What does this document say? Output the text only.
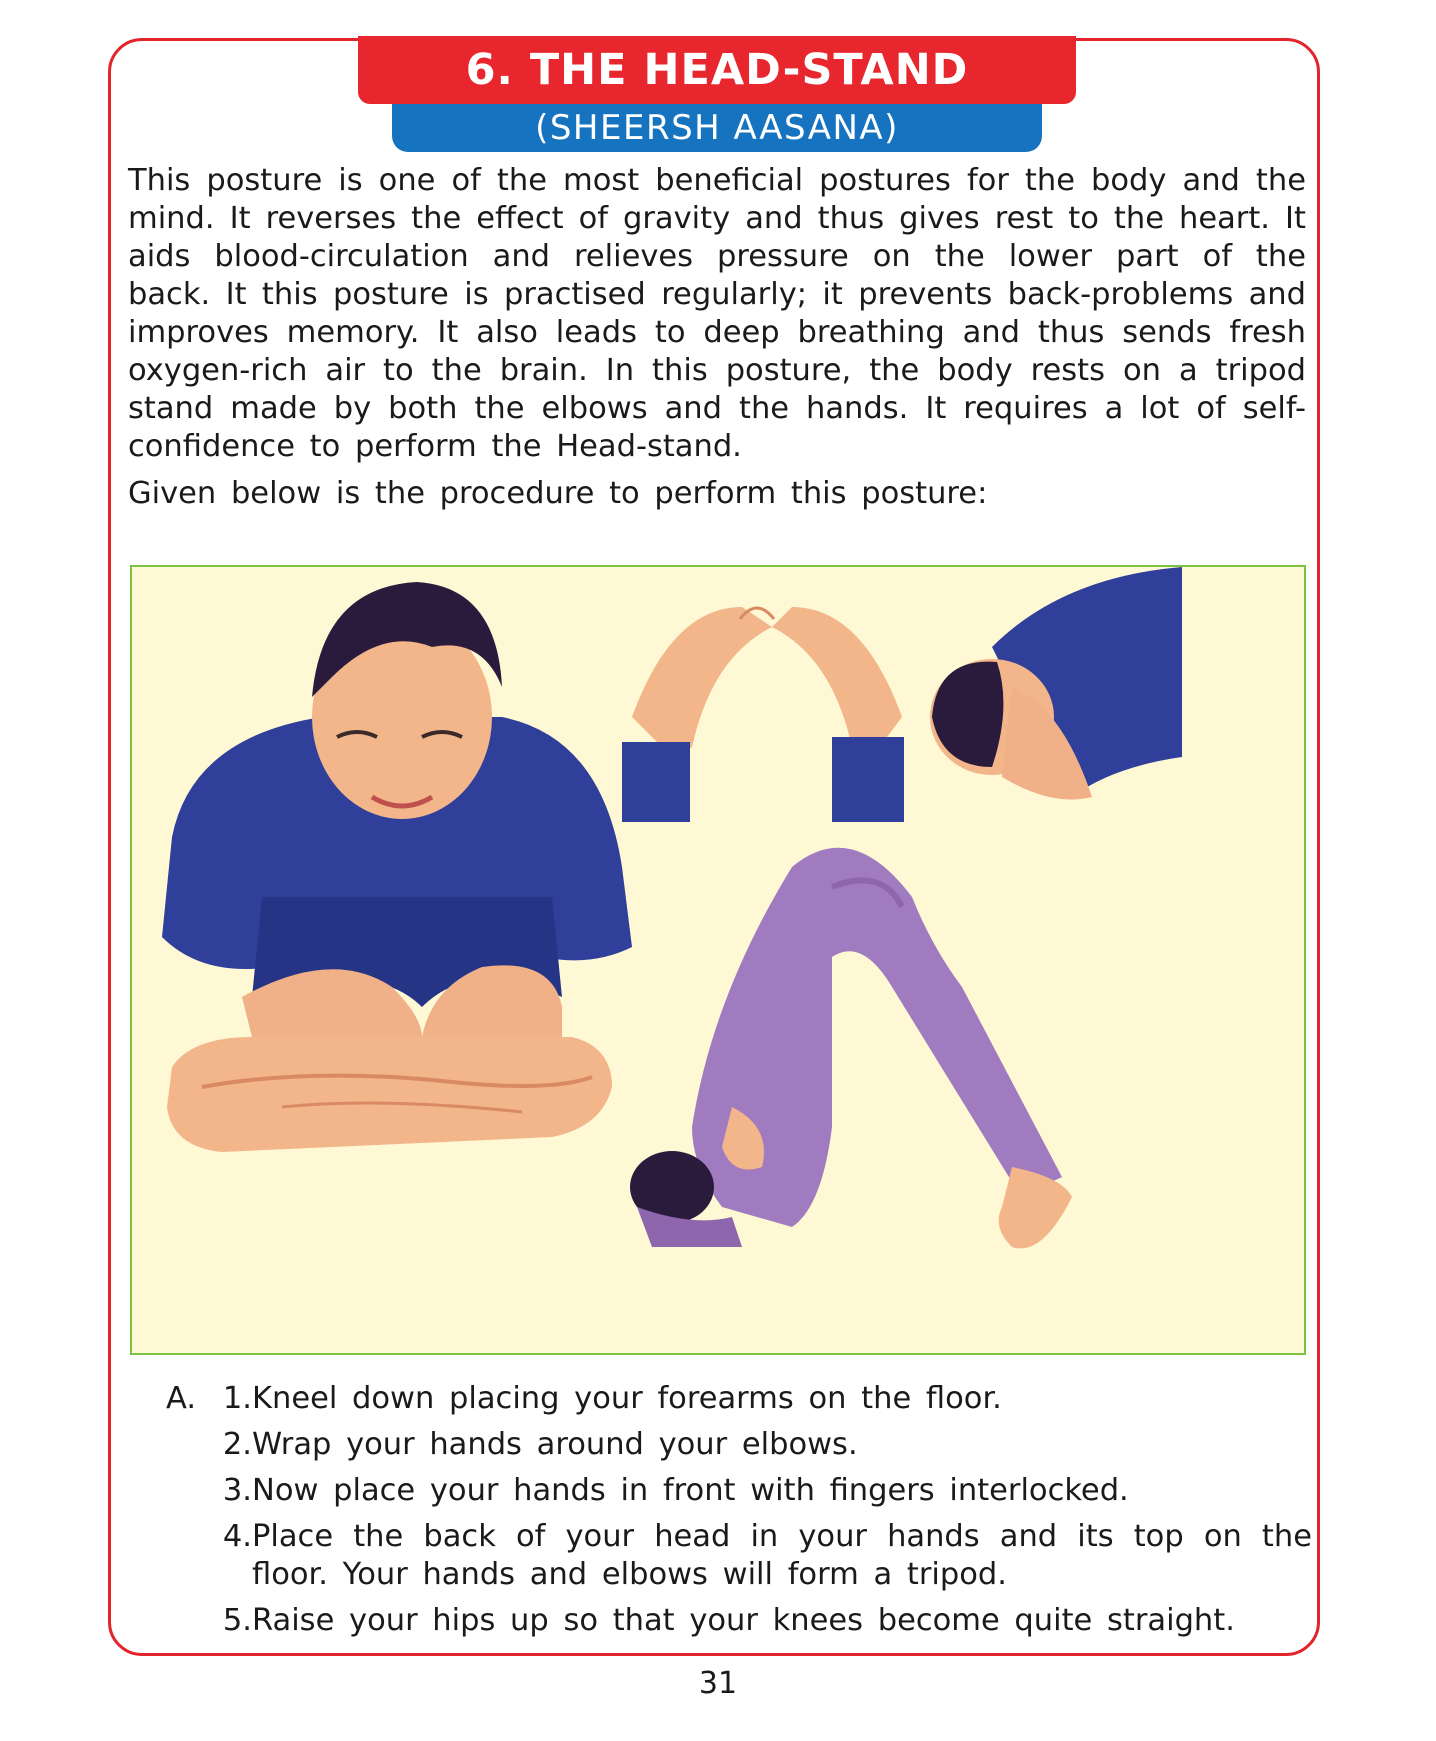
6. THE HEAD-STAND
(SHEERSH AASANA)

This posture is one of the most beneficial postures for the body and the mind. It reverses the effect of gravity and thus gives rest to the heart. It aids blood-circulation and relieves pressure on the lower part of the back. It this posture is practised regularly; it prevents back-problems and improves memory. It also leads to deep breathing and thus sends fresh oxygen-rich air to the brain. In this posture, the body rests on a tripod stand made by both the elbows and the hands. It requires a lot of self-confidence to perform the Head-stand.

Given below is the procedure to perform this posture:

A. 1. Kneel down placing your forearms on the floor.
2. Wrap your hands around your elbows.
3. Now place your hands in front with fingers interlocked.
4. Place the back of your head in your hands and its top on the
floor. Your hands and elbows will form a tripod.
5. Raise your hips up so that your knees become quite straight.
31
